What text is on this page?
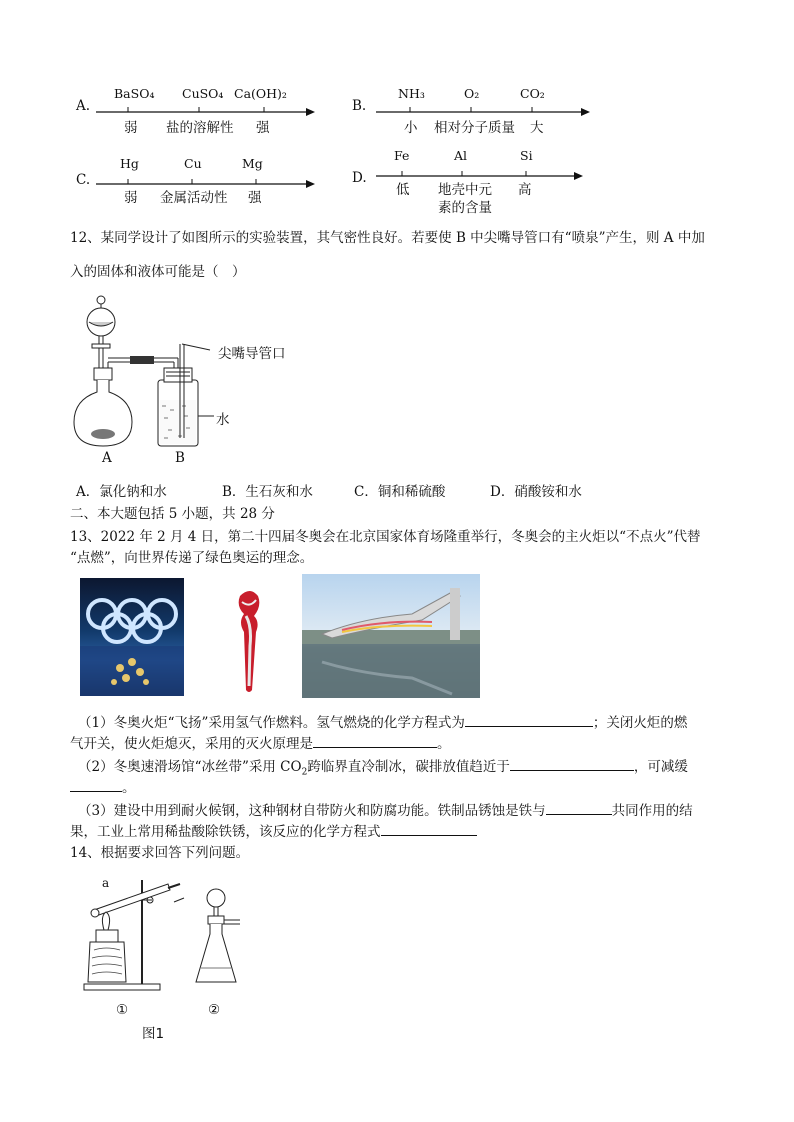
A.
BaSO₄ CuSO₄ Ca(OH)₂
弱 盐的溶解性 强
B.
NH₃	O₂	CO₂
小 相对分子质量 大
C.
Hg	Cu	Mg
弱 金属活动性 强
D.
Fe	Al	Si
低 地壳中元
素的含量
高
12、某同学设计了如图所示的实验装置，其气密性良好。若要使 B 中尖嘴导管口有“喷泉”产生，则 A 中加
入的固体和液体可能是（　）
尖嘴导管口
水
A	B
A．氯化钠和水	B．生石灰和水	C．铜和稀硫酸	D．硝酸铵和水
二、本大题包括 5 小题，共 28 分
13、2022 年 2 月 4 日，第二十四届冬奥会在北京国家体育场隆重举行，冬奥会的主火炬以“不点火”代替
“点燃”，向世界传递了绿色奥运的理念。
（1）冬奥火炬“飞扬”采用氢气作燃料。氢气燃烧的化学方程式为	；关闭火炬的燃
气开关，使火炬熄灭，采用的灭火原理是	。
（2）冬奥速滑场馆“冰丝带”采用 $CO_2$跨临界直冷制冰，碳排放值趋近于	，可减缓
。
（3）建设中用到耐火候钢，这种钢材自带防火和防腐功能。铁制品锈蚀是铁与	共同作用的结
果，工业上常用稀盐酸除铁锈，该反应的化学方程式
14、根据要求回答下列问题。
a
①	②
图1
